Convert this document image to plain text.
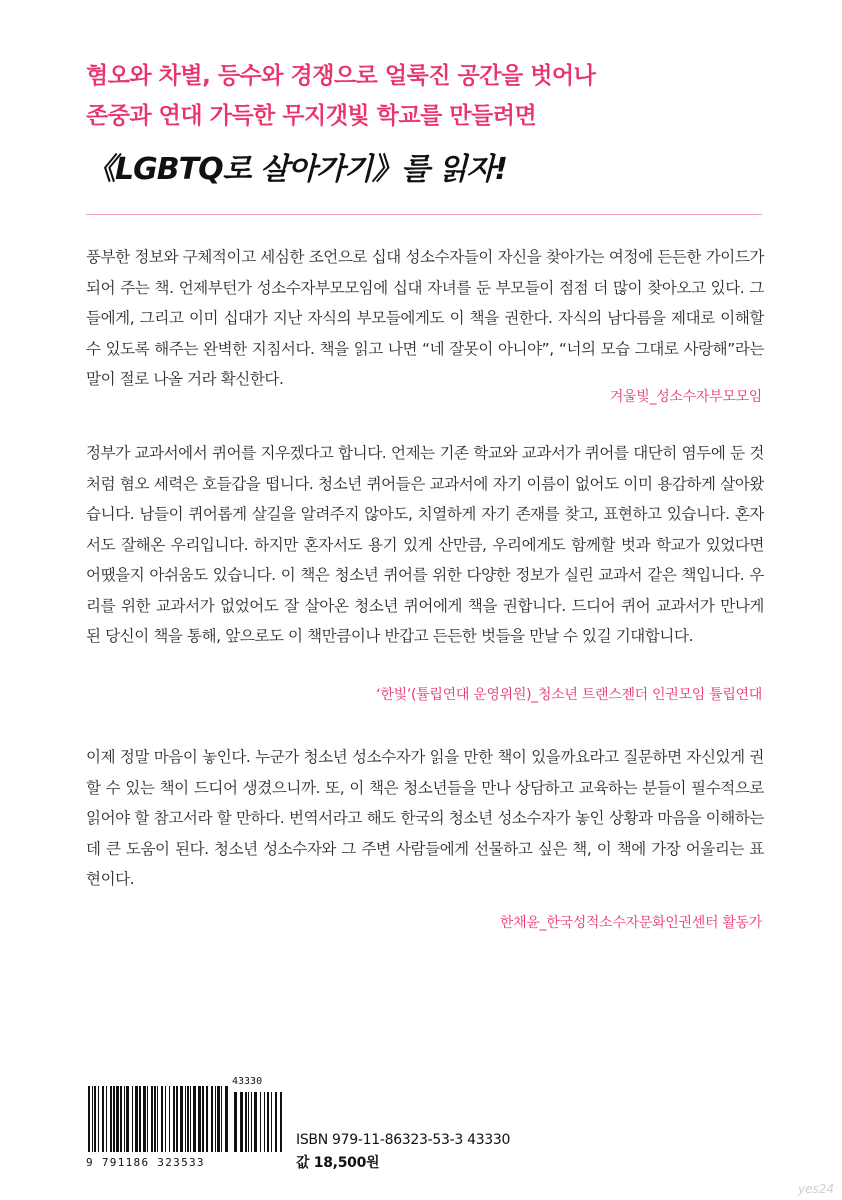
혐오와 차별, 등수와 경쟁으로 얼룩진 공간을 벗어나
존중과 연대 가득한 무지갯빛 학교를 만들려면
《LGBTQ로 살아가기》를 읽자!
풍부한 정보와 구체적이고 세심한 조언으로 십대 성소수자들이 자신을 찾아가는 여정에 든든한 가이드가 되어 주는 책. 언제부턴가 성소수자부모모임에 십대 자녀를 둔 부모들이 점점 더 많이 찾아오고 있다. 그들에게, 그리고 이미 십대가 지난 자식의 부모들에게도 이 책을 권한다. 자식의 남다름을 제대로 이해할 수 있도록 해주는 완벽한 지침서다. 책을 읽고 나면 “네 잘못이 아니야”, “너의 모습 그대로 사랑해”라는 말이 절로 나올 거라 확신한다.
겨울빛_성소수자부모모임
정부가 교과서에서 퀴어를 지우겠다고 합니다. 언제는 기존 학교와 교과서가 퀴어를 대단히 염두에 둔 것처럼 혐오 세력은 호들갑을 떱니다. 청소년 퀴어들은 교과서에 자기 이름이 없어도 이미 용감하게 살아왔습니다. 남들이 퀴어롭게 살길을 알려주지 않아도, 치열하게 자기 존재를 찾고, 표현하고 있습니다. 혼자서도 잘해온 우리입니다. 하지만 혼자서도 용기 있게 산만큼, 우리에게도 함께할 벗과 학교가 있었다면 어땠을지 아쉬움도 있습니다. 이 책은 청소년 퀴어를 위한 다양한 정보가 실린 교과서 같은 책입니다. 우리를 위한 교과서가 없었어도 잘 살아온 청소년 퀴어에게 책을 권합니다. 드디어 퀴어 교과서가 만나게 된 당신이 책을 통해, 앞으로도 이 책만큼이나 반갑고 든든한 벗들을 만날 수 있길 기대합니다.
‘한빛’(튤립연대 운영위원)_청소년 트랜스젠더 인권모임 튤립연대
이제 정말 마음이 놓인다. 누군가 청소년 성소수자가 읽을 만한 책이 있을까요라고 질문하면 자신있게 권할 수 있는 책이 드디어 생겼으니까. 또, 이 책은 청소년들을 만나 상담하고 교육하는 분들이 필수적으로 읽어야 할 참고서라 할 만하다. 번역서라고 해도 한국의 청소년 성소수자가 놓인 상황과 마음을 이해하는 데 큰 도움이 된다. 청소년 성소수자와 그 주변 사람들에게 선물하고 싶은 책, 이 책에 가장 어울리는 표현이다.
한채윤_한국성적소수자문화인권센터 활동가
43330
9 791186 323533
ISBN 979-11-86323-53-3 43330
값 18,500원
yes24
